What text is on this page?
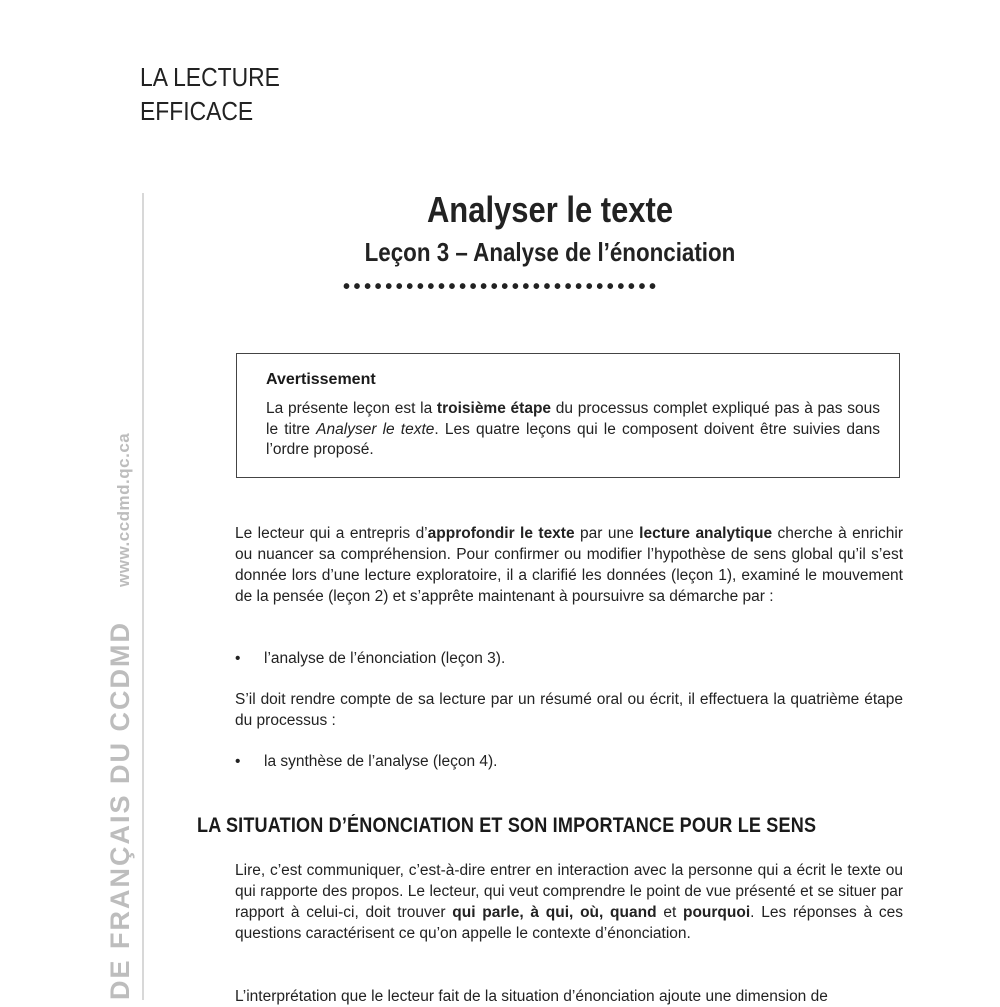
LA LECTURE
EFFICACE
DE FRANÇAIS DU CCDMDwww.ccdmd.qc.ca
Analyser le texte
Leçon 3 – Analyse de l’énonciation
••••••••••••••••••••••••••••••
Avertissement
La présente leçon est la troisième étape du processus complet expliqué pas à pas sous le titre Analyser le texte. Les quatre leçons qui le composent doivent être suivies dans l’ordre proposé.

Le lecteur qui a entrepris d’approfondir le texte par une lecture analytique cherche à enrichir ou nuancer sa compréhension. Pour confirmer ou modifier l’hypothèse de sens global qu’il s’est donnée lors d’une lecture exploratoire, il a clarifié les données (leçon 1), examiné le mouvement de la pensée (leçon 2) et s’apprête maintenant à poursuivre sa démarche par :

• l’analyse de l’énonciation (leçon 3).

S’il doit rendre compte de sa lecture par un résumé oral ou écrit, il effectuera la quatrième étape du processus :

• la synthèse de l’analyse (leçon 4).
LA SITUATION D’ÉNONCIATION ET SON IMPORTANCE POUR LE SENS

Lire, c’est communiquer, c’est-à-dire entrer en interaction avec la personne qui a écrit le texte ou qui rapporte des propos. Le lecteur, qui veut comprendre le point de vue présenté et se situer par rapport à celui-ci, doit trouver qui parle, à qui, où, quand et pourquoi. Les réponses à ces questions caractérisent ce qu’on appelle le contexte d’énonciation.

L’interprétation que le lecteur fait de la situation d’énonciation ajoute une dimension de
